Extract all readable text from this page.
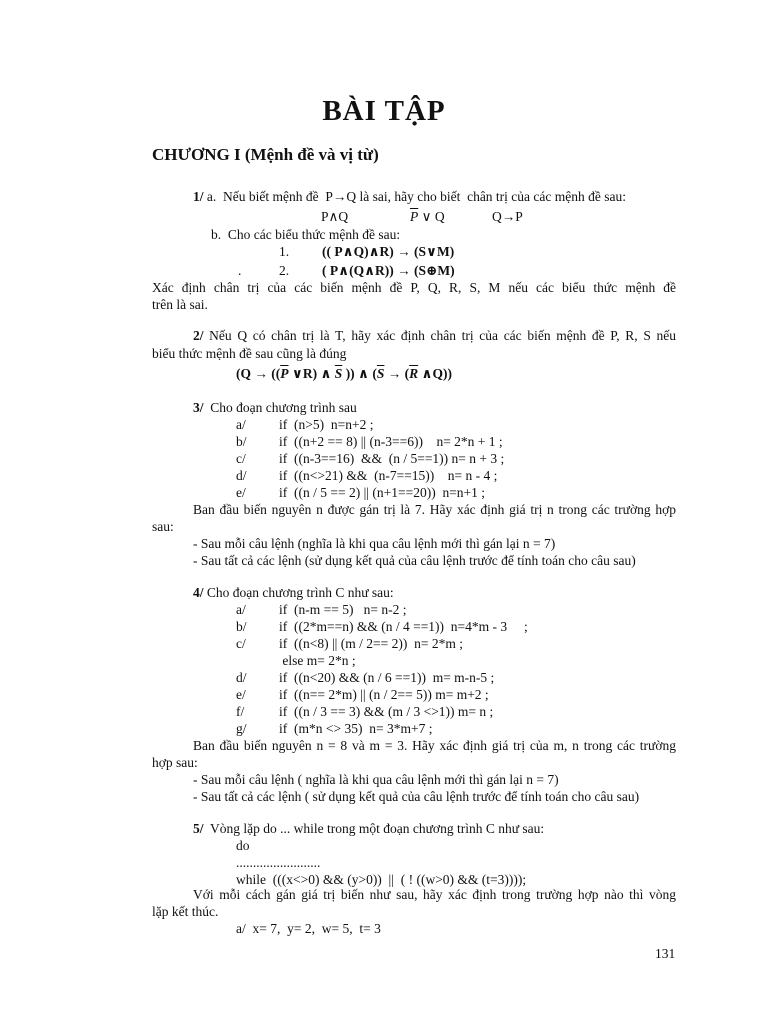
BÀI TẬP
CHƯƠNG I (Mệnh đề và vị từ)
1/ a.  Nếu biết mệnh đề  P→Q là sai, hãy cho biết  chân trị của các mệnh đề sau:
P∧Q	$\overline{P}$ ∨ Q	Q→P
b.  Cho các biểu thức mệnh đề sau:
1. (( P∧Q)∧R) → (S∨M)
.	2. ( P∧(Q∧R)) → (S⊕M)
Xác định chân trị của các biến mệnh đề P, Q, R, S, M nếu các biểu thức mệnh đề
trên là sai.
2/ Nếu Q có chân trị là T, hãy xác định chân trị của các biến mệnh đề P, R, S nếu
biểu thức mệnh đề sau cũng là đúng
($Q \to ((\overline{P}$ ∨R) ∧ $\overline{S}$ )) ∧ ($\overline{S} \to (\overline{R}$ ∧Q))
3/  Cho đoạn chương trình sau
a/ if  (n>5)  n=n+2 ;
b/ if  ((n+2 == 8) || (n-3==6))    n= 2*n + 1 ;
c/ if  ((n-3==16)  &&  (n / 5==1)) n= n + 3 ;
d/ if  ((n<>21) &&  (n-7==15))    n= n - 4 ;
e/ if  ((n / 5 == 2) || (n+1==20))  n=n+1 ;
Ban đầu biến nguyên n được gán trị là 7. Hãy xác định giá trị n trong các trường hợp
sau:
- Sau mỗi câu lệnh (nghĩa là khi qua câu lệnh mới thì gán lại n = 7)
- Sau tất cả các lệnh (sử dụng kết quả của câu lệnh trước để tính toán cho câu sau)
4/ Cho đoạn chương trình C như sau:
a/ if  (n-m == 5)   n= n-2 ;
b/ if  ((2*m==n) && (n / 4 ==1))  n=4*m - 3     ;
c/ if  ((n<8) || (m / 2== 2))  n= 2*m ;
else m= 2*n ;
d/ if  ((n<20) && (n / 6 ==1))  m= m-n-5 ;
e/ if  ((n== 2*m) || (n / 2== 5)) m= m+2 ;
f/	if  ((n / 3 == 3) && (m / 3 <>1)) m= n ;
g/ if  (m*n <> 35)  n= 3*m+7 ;
Ban đầu biến nguyên n = 8 và m = 3. Hãy xác định giá trị của m, n trong các trường
hợp sau:
- Sau mỗi câu lệnh ( nghĩa là khi qua câu lệnh mới thì gán lại n = 7)
- Sau tất cả các lệnh ( sử dụng kết quả của câu lệnh trước để tính toán cho câu sau)
5/  Vòng lặp do ... while trong một đoạn chương trình C như sau:
do
.........................
while  (((x<>0) && (y>0))  ||  ( ! ((w>0) && (t=3))));
Với mỗi cách gán giá trị biến như sau, hãy xác định trong trường hợp nào thì vòng
lặp kết thúc.
a/  x= 7,  y= 2,  w= 5,  t= 3
131
